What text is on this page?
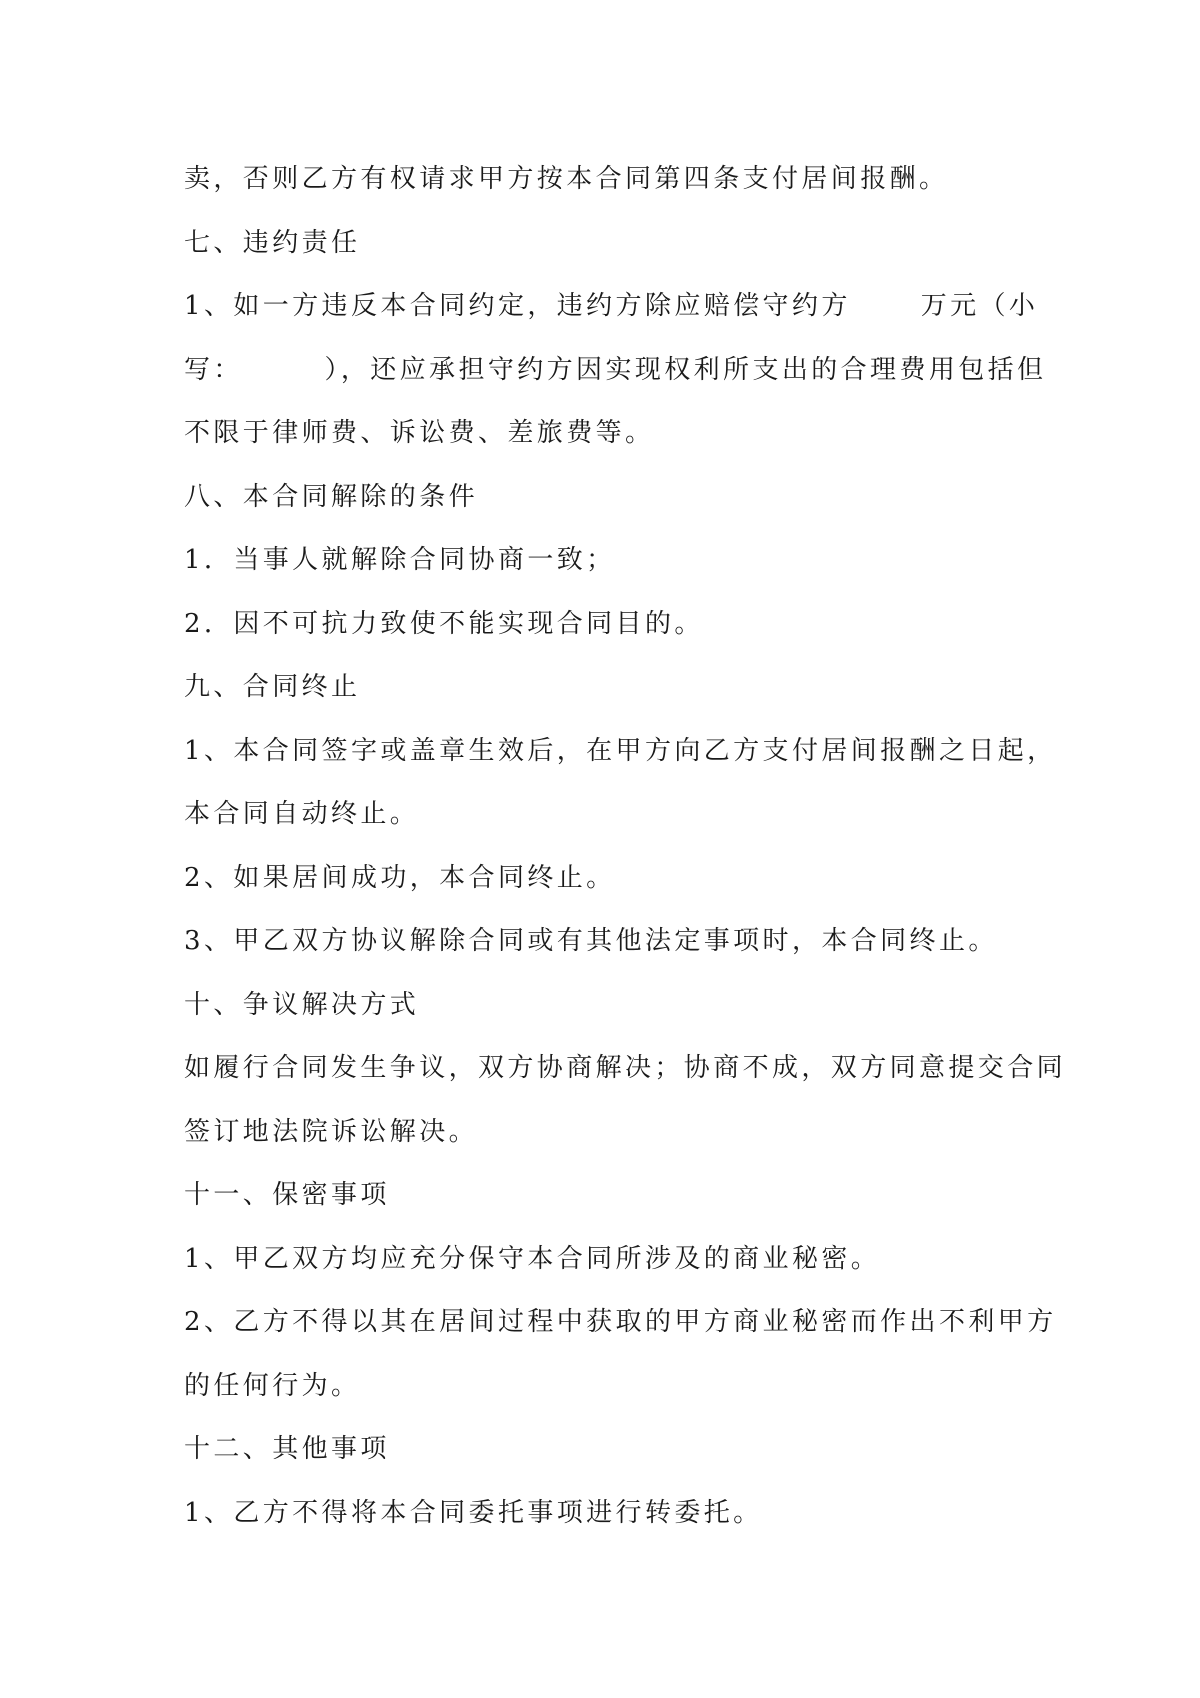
卖，否则乙方有权请求甲方按本合同第四条支付居间报酬。
七、违约责任
1、如一方违反本合同约定，违约方除应赔偿守约方      万元（小
写：       ），还应承担守约方因实现权利所支出的合理费用包括但
不限于律师费、诉讼费、差旅费等。
八、本合同解除的条件
1．当事人就解除合同协商一致；
2．因不可抗力致使不能实现合同目的。
九、合同终止
1、本合同签字或盖章生效后，在甲方向乙方支付居间报酬之日起，
本合同自动终止。
2、如果居间成功，本合同终止。
3、甲乙双方协议解除合同或有其他法定事项时，本合同终止。
十、争议解决方式
如履行合同发生争议，双方协商解决；协商不成，双方同意提交合同
签订地法院诉讼解决。
十一、保密事项
1、甲乙双方均应充分保守本合同所涉及的商业秘密。
2、乙方不得以其在居间过程中获取的甲方商业秘密而作出不利甲方
的任何行为。
十二、其他事项
1、乙方不得将本合同委托事项进行转委托。
